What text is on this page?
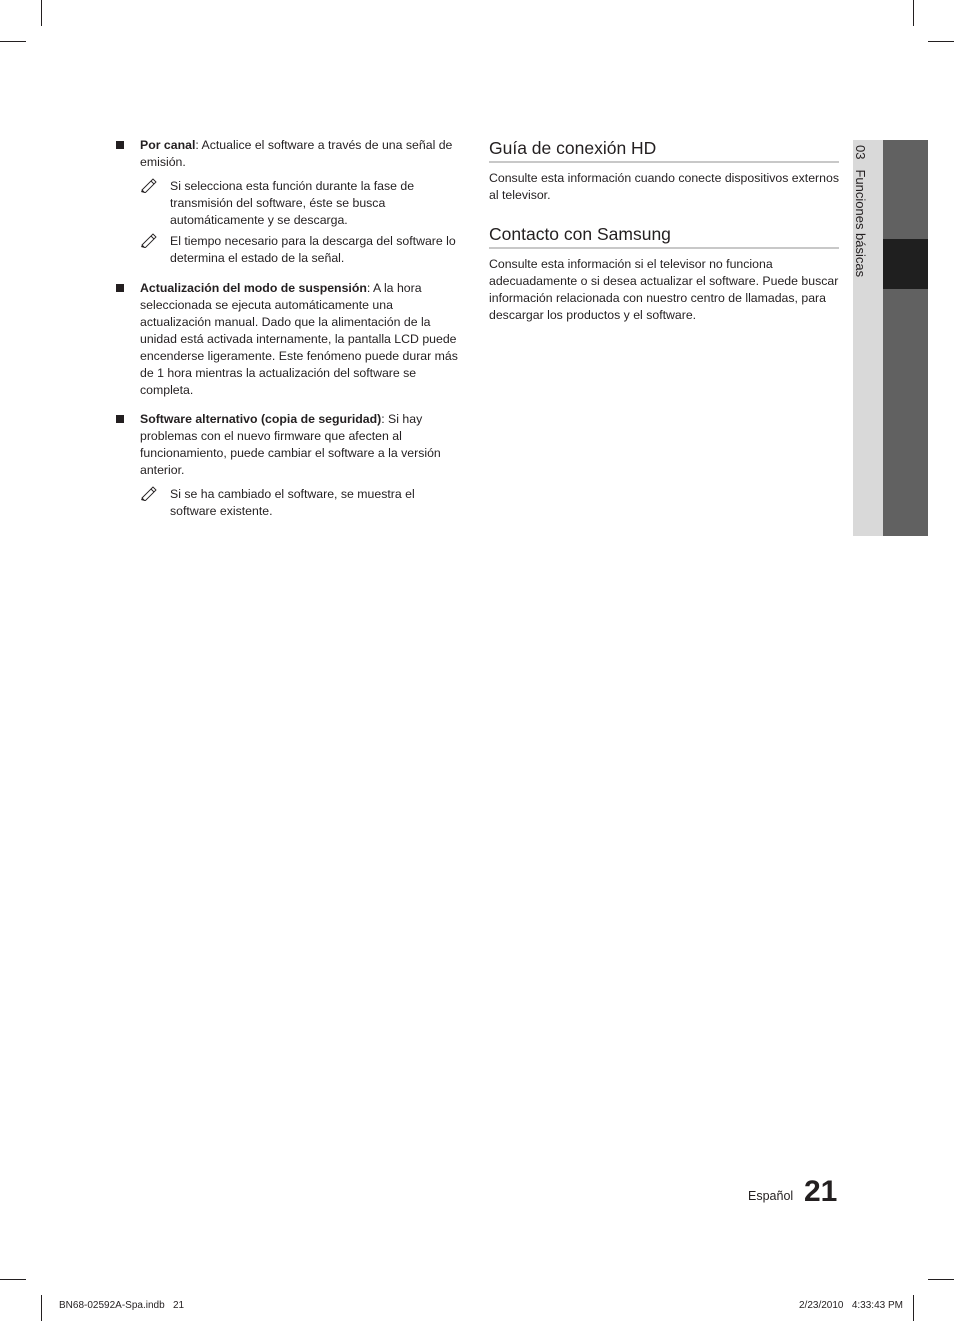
Por canal: Actualice el software a través de una señal de emisión.
Si selecciona esta función durante la fase de transmisión del software, éste se busca automáticamente y se descarga.
El tiempo necesario para la descarga del software lo determina el estado de la señal.
Actualización del modo de suspensión: A la hora seleccionada se ejecuta automáticamente una actualización manual. Dado que la alimentación de la unidad está activada internamente, la pantalla LCD puede encenderse ligeramente. Este fenómeno puede durar más de 1 hora mientras la actualización del software se completa.
Software alternativo (copia de seguridad): Si hay problemas con el nuevo firmware que afecten al funcionamiento, puede cambiar el software a la versión anterior.
Si se ha cambiado el software, se muestra el software existente.
Guía de conexión HD

Consulte esta información cuando conecte dispositivos externos al televisor.

Contacto con Samsung

Consulte esta información si el televisor no funciona adecuadamente o si desea actualizar el software. Puede buscar información relacionada con nuestro centro de llamadas, para descargar los productos y el software.

03Funciones básicas
Español 21
BN68-02592A-Spa.indb   21	2/23/2010   4:33:43 PM
